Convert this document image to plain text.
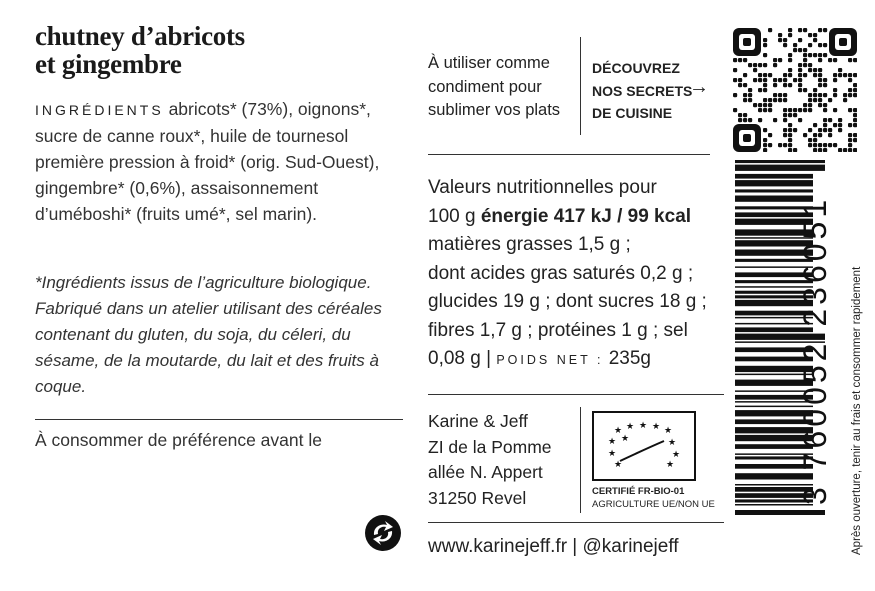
chutney d’abricots
et gingembre
INGRÉDIENTS abricots* (73%), oignons*, sucre de canne roux*, huile de tournesol première pression à froid* (orig. Sud-Ouest), gingembre* (0,6%), assaisonnement d’uméboshi* (fruits umé*, sel marin).
*Ingrédients issus de l’agriculture biologique. Fabriqué dans un atelier utilisant des céréales contenant du gluten, du soja, du céleri, du sésame, de la moutarde, du lait et des fruits à coque.
À consommer de préférence avant le
À utiliser comme condiment pour sublimer vos plats
DÉCOUVREZ
NOS SECRETS
DE CUISINE
→
Valeurs nutritionnelles pour
100 g énergie 417 kJ / 99 kcal
matières grasses 1,5 g ;
dont acides gras saturés 0,2 g ;
glucides 19 g ; dont sucres 18 g ;
fibres 1,7 g ; protéines 1 g ; sel
0,08 g | POIDS NET : 235g	3 760052 236051 Après ouverture, tenir au frais et consommer rapidement
Karine & Jeff
ZI de la Pomme
allée N. Appert
31250 Revel
★ ★ ★ ★ ★
★ ★
★
★
★
★
★
CERTIFIÉ FR-BIO-01
AGRICULTURE UE/NON UE
www.karinejeff.fr | @karinejeff
